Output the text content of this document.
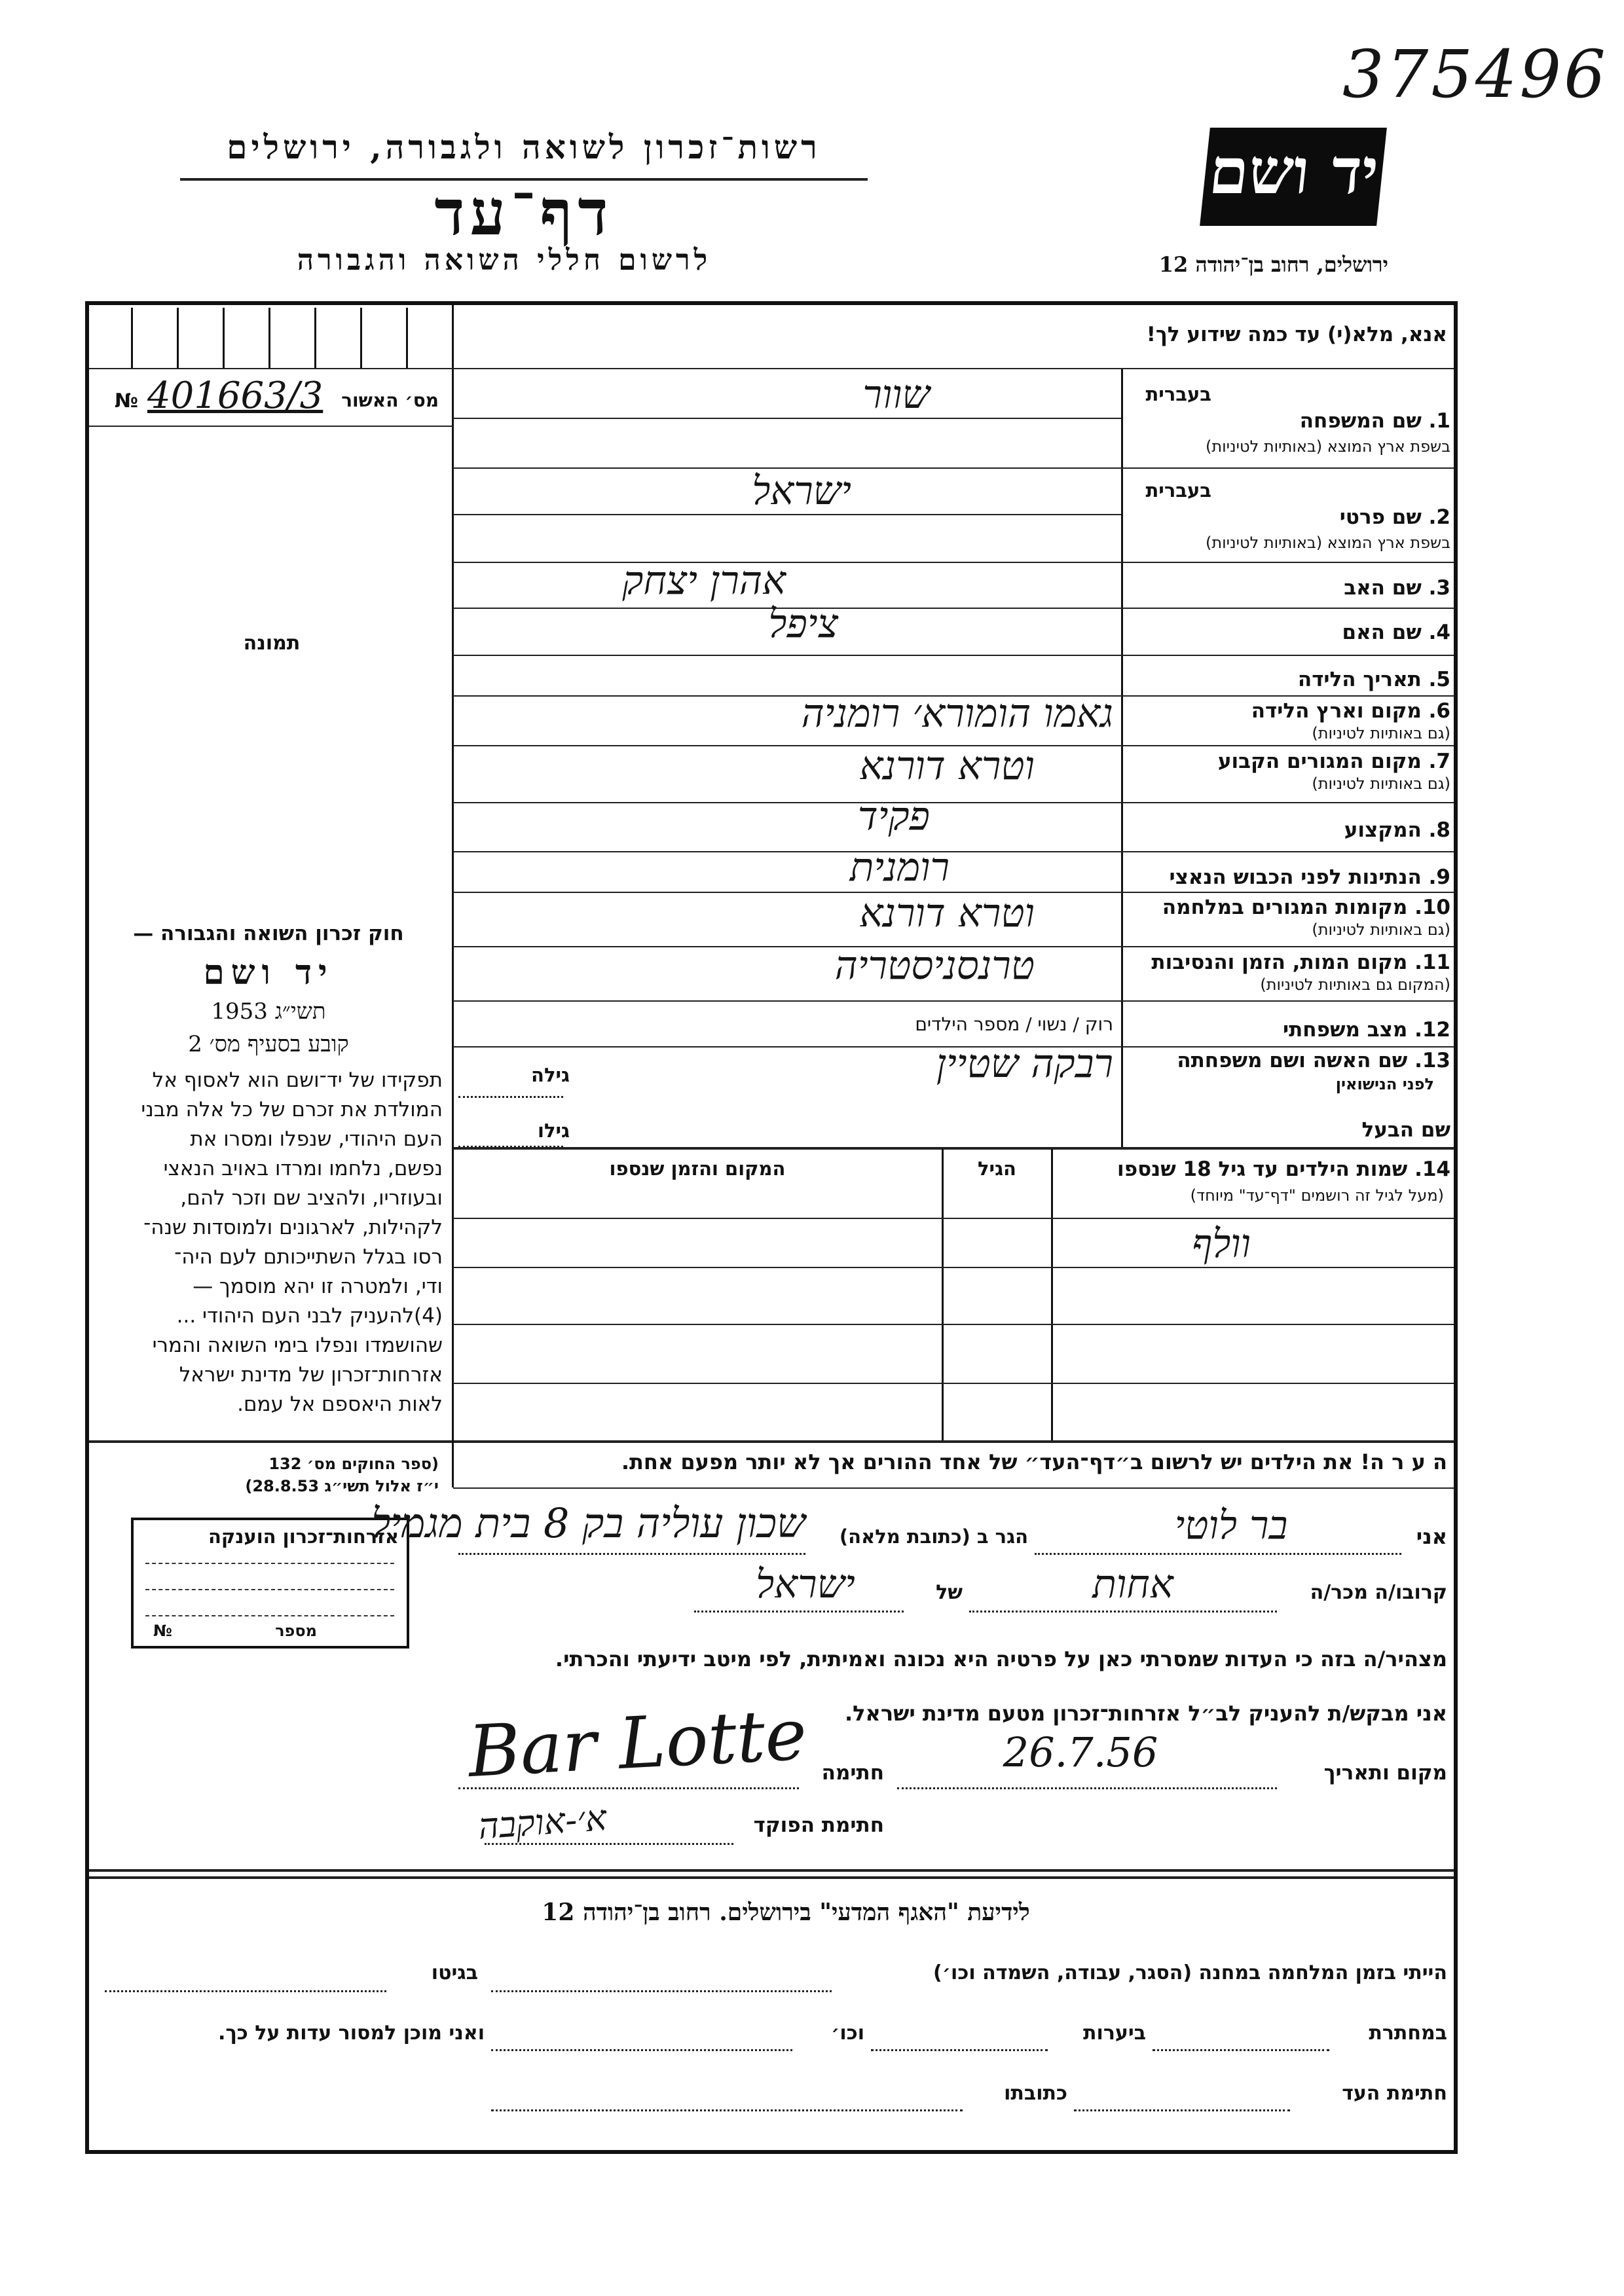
375496
רשות־זכרון לשואה ולגבורה, ירושלים
דף־עד
לרשום חללי השואה והגבורה
יד ושם
ירושלים, רחוב בן־יהודה 12
מס׳ האשור
401663/3
№
תמונה
חוק זכרון השואה והגבורה —
יד ושם
תשי״ג 1953
קובע בסעיף מס׳ 2
תפקידו של יד־ושם הוא לאסוף אל
המולדת את זכרם של כל אלה מבני
העם היהודי, שנפלו ומסרו את
נפשם, נלחמו ומרדו באויב הנאצי
ובעוזריו, ולהציב שם וזכר להם,
לקהילות, לארגונים ולמוסדות שנה־
רסו בגלל השתייכותם לעם היה־
ודי, ולמטרה זו יהא מוסמך —
(4)להעניק לבני העם היהודי ...
שהושמדו ונפלו בימי השואה והמרי
אזרחות־זכרון של מדינת ישראל
לאות היאספם אל עמם.
(ספר החוקים מס׳ 132
י״ז אלול תשי״ג 28.8.53)
אנא, מלא(י) עד כמה שידוע לך!
1. שם המשפחה
בשפת ארץ המוצא (באותיות לטיניות)
בעברית
שוור
2. שם פרטי
בשפת ארץ המוצא (באותיות לטיניות)
בעברית
ישראל
3. שם האב
אהרן יצחק
4. שם האם
ציפל
5. תאריך הלידה
6. מקום וארץ הלידה
(גם באותיות לטיניות)
גאמו הומורא׳ רומניה
7. מקום המגורים הקבוע
(גם באותיות לטיניות)
וטרא דורנא
8. המקצוע
פקיד
9. הנתינות לפני הכבוש הנאצי
רומנית
10. מקומות המגורים במלחמה
(גם באותיות לטיניות)
וטרא דורנא
11. מקום המות, הזמן והנסיבות
(המקום גם באותיות לטיניות)
טרנסניסטריה
12. מצב משפחתי
רוק / נשוי / מספר הילדים
13. שם האשה ושם משפחתה
לפני הנישואין
רבקה שטיין
גילה
שם הבעל
גילו
14. שמות הילדים עד גיל 18 שנספו
(מעל לגיל זה רושמים "דף־עד" מיוחד)
הגיל
המקום והזמן שנספו
וולף
אזרחות־זכרון הוענקה
מספר
№
ה ע ר ה! את הילדים יש לרשום ב״דף־העד״ של אחד ההורים אך לא יותר מפעם אחת.
אני
בר לוטי
הגר ב (כתובת מלאה)
שכון עוליה בק 8 בית מגמיל
קרובו/ה מכר/ה
אחות
של
ישראל
מצהיר/ה בזה כי העדות שמסרתי כאן על פרטיה היא נכונה ואמיתית, לפי מיטב ידיעתי והכרתי.
אני מבקש/ת להעניק לב״ל אזרחות־זכרון מטעם מדינת ישראל.
מקום ותאריך
26.7.56
חתימה
Bar Lotte
חתימת הפוקד
א׳-אוקבה
לידיעת "האגף המדעי" בירושלים. רחוב בן־יהודה 12
הייתי בזמן המלחמה במחנה (הסגר, עבודה, השמדה וכו׳)
בגיטו
במחתרת
ביערות
וכו׳
ואני מוכן למסור עדות על כך.
חתימת העד
כתובתו
